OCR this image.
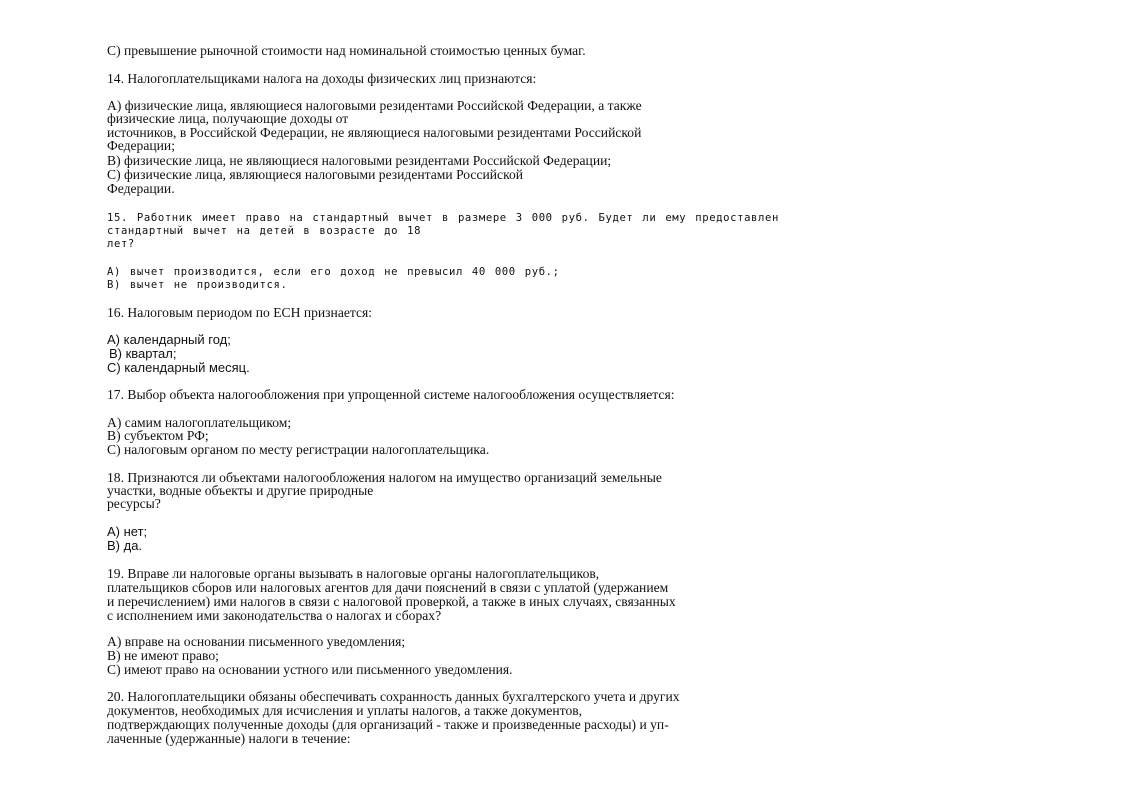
С) превышение рыночной стоимости над номинальной стоимостью ценных бумаг.
14. Налогоплательщиками налога на доходы физических лиц признаются:
А) физические лица, являющиеся налоговыми резидентами Российской Федерации, а также
физические лица, получающие доходы от
источников, в Российской Федерации, не являющиеся налоговыми резидентами Российской
Федерации;
В) физические лица, не являющиеся налоговыми резидентами Российской Федерации;
С) физические лица, являющиеся налоговыми резидентами Российской
Федерации.
15. Работник имеет право на стандартный вычет в размере 3 000 руб. Будет ли ему предоставлен
стандартный вычет на детей в возрасте до 18
лет?
А) вычет производится, если его доход не превысил 40 000 руб.;
В) вычет не производится.
16. Налоговым периодом по ЕСН признается:
А) календарный год;
В) квартал;
С) календарный месяц.
17. Выбор объекта налогообложения при упрощенной системе налогообложения осуществляется:
А) самим налогоплательщиком;
В) субъектом РФ;
С) налоговым органом по месту регистрации налогоплательщика.
18. Признаются ли объектами налогообложения налогом на имущество организаций земельные
участки, водные объекты и другие природные
ресурсы?
А) нет;
В) да.
19. Вправе ли налоговые органы вызывать в налоговые органы налогоплательщиков,
плательщиков сборов или налоговых агентов для дачи пояснений в связи с уплатой (удержанием
и перечислением) ими налогов в связи с налоговой проверкой, а также в иных случаях, связанных
с исполнением ими законодательства о налогах и сборах?
А) вправе на основании письменного уведомления;
В) не имеют право;
С) имеют право на основании устного или письменного уведомления.
20. Налогоплательщики обязаны обеспечивать сохранность данных бухгалтерского учета и других
документов, необходимых для исчисления и уплаты налогов, а также документов,
подтверждающих полученные доходы (для организаций - также и произведенные расходы) и уп-
лаченные (удержанные) налоги в течение:
